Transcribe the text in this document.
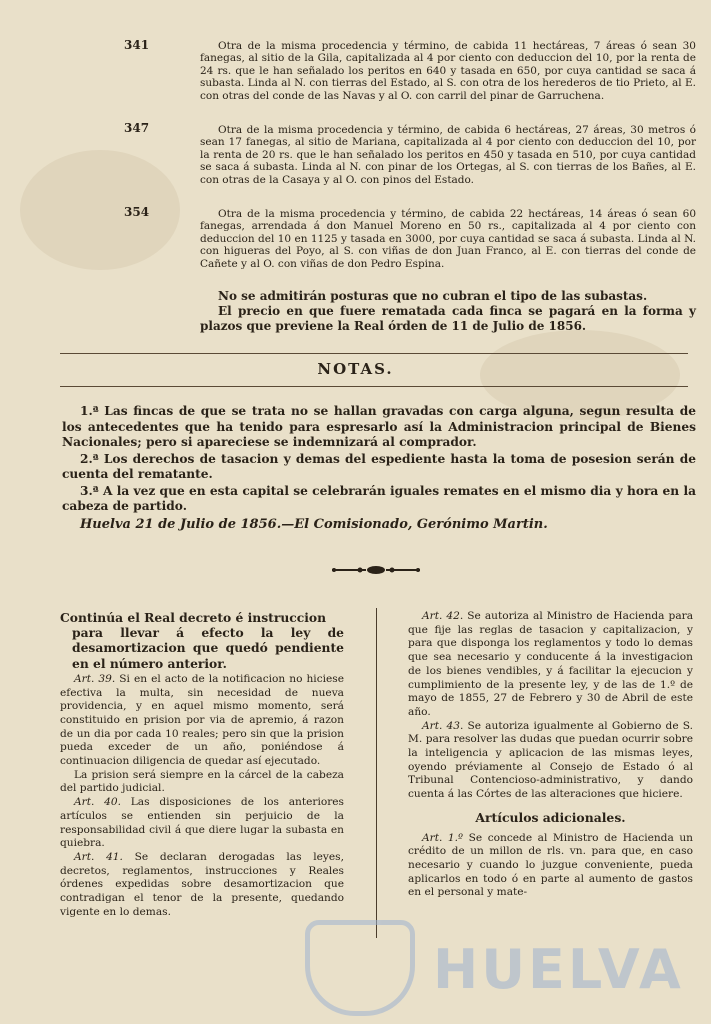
341	Otra de la misma procedencia y término, de cabida 11 hectáreas, 7 áreas ó sean 30 fanegas, al sitio de la Gila, capitalizada al 4 por ciento con deduccion del 10, por la renta de 24 rs. que le han señalado los peritos en 640 y tasada en 650, por cuya cantidad se saca á subasta. Linda al N. con tierras del Estado, al S. con otra de los herederos de tio Prieto, al E. con otras del conde de las Navas y al O. con carril del pinar de Garruchena.
347	Otra de la misma procedencia y término, de cabida 6 hectáreas, 27 áreas, 30 metros ó sean 17 fanegas, al sitio de Mariana, capitalizada al 4 por ciento con deduccion del 10, por la renta de 20 rs. que le han señalado los peritos en 450 y tasada en 510, por cuya cantidad se saca á subasta. Linda al N. con pinar de los Ortegas, al S. con tierras de los Bañes, al E. con otras de la Casaya y al O. con pinos del Estado.
354	Otra de la misma procedencia y término, de cabida 22 hectáreas, 14 áreas ó sean 60 fanegas, arrendada á don Manuel Moreno en 50 rs., capitalizada al 4 por ciento con deduccion del 10 en 1125 y tasada en 3000, por cuya cantidad se saca á subasta. Linda al N. con higueras del Poyo, al S. con viñas de don Juan Franco, al E. con tierras del conde de Cañete y al O. con viñas de don Pedro Espina.

No se admitirán posturas que no cubran el tipo de las subastas.

El precio en que fuere rematada cada finca se pagará en la forma y plazos que previene la Real órden de 11 de Julio de 1856.

NOTAS.

1.ª Las fincas de que se trata no se hallan gravadas con carga alguna, segun resulta de los antecedentes que ha tenido para espresarlo así la Administracion principal de Bienes Nacionales; pero si apareciese se indemnizará al comprador.

2.ª Los derechos de tasacion y demas del espediente hasta la toma de posesion serán de cuenta del rematante.

3.ª A la vez que en esta capital se celebrarán iguales remates en el mismo dia y hora en la cabeza de partido.

Huelva 21 de Julio de 1856.—El Comisionado, Gerónimo Martin.
Continúa el Real decreto é instruccion
para llevar á efecto la ley de desamortizacion que quedó pendiente en el número anterior.

Art. 39. Si en el acto de la notificacion no hiciese efectiva la multa, sin necesidad de nueva providencia, y en aquel mismo momento, será constituido en prision por via de apremio, á razon de un dia por cada 10 reales; pero sin que la prision pueda exceder de un año, poniéndose á continuacion diligencia de quedar así ejecutado.

La prision será siempre en la cárcel de la cabeza del partido judicial.

Art. 40. Las disposiciones de los anteriores artículos se entienden sin perjuicio de la responsabilidad civil á que diere lugar la subasta en quiebra.

Art. 41. Se declaran derogadas las leyes, decretos, reglamentos, instrucciones y Reales órdenes expedidas sobre desamortizacion que contradigan el tenor de la presente, quedando vigente en lo demas.

Art. 42. Se autoriza al Ministro de Hacienda para que fije las reglas de tasacion y capitalizacion, y para que disponga los reglamentos y todo lo demas que sea necesario y conducente á la investigacion de los bienes vendibles, y á facilitar la ejecucion y cumplimiento de la presente ley, y de las de 1.º de mayo de 1855, 27 de Febrero y 30 de Abril de este año.

Art. 43. Se autoriza igualmente al Gobierno de S. M. para resolver las dudas que puedan ocurrir sobre la inteligencia y aplicacion de las mismas leyes, oyendo préviamente al Consejo de Estado ó al Tribunal Contencioso-administrativo, y dando cuenta á las Córtes de las alteraciones que hiciere.

Artículos adicionales.

Art. 1.º Se concede al Ministro de Hacienda un crédito de un millon de rls. vn. para que, en caso necesario y cuando lo juzgue conveniente, pueda aplicarlos en todo ó en parte al aumento de gastos en el personal y mate-

HUELVA
